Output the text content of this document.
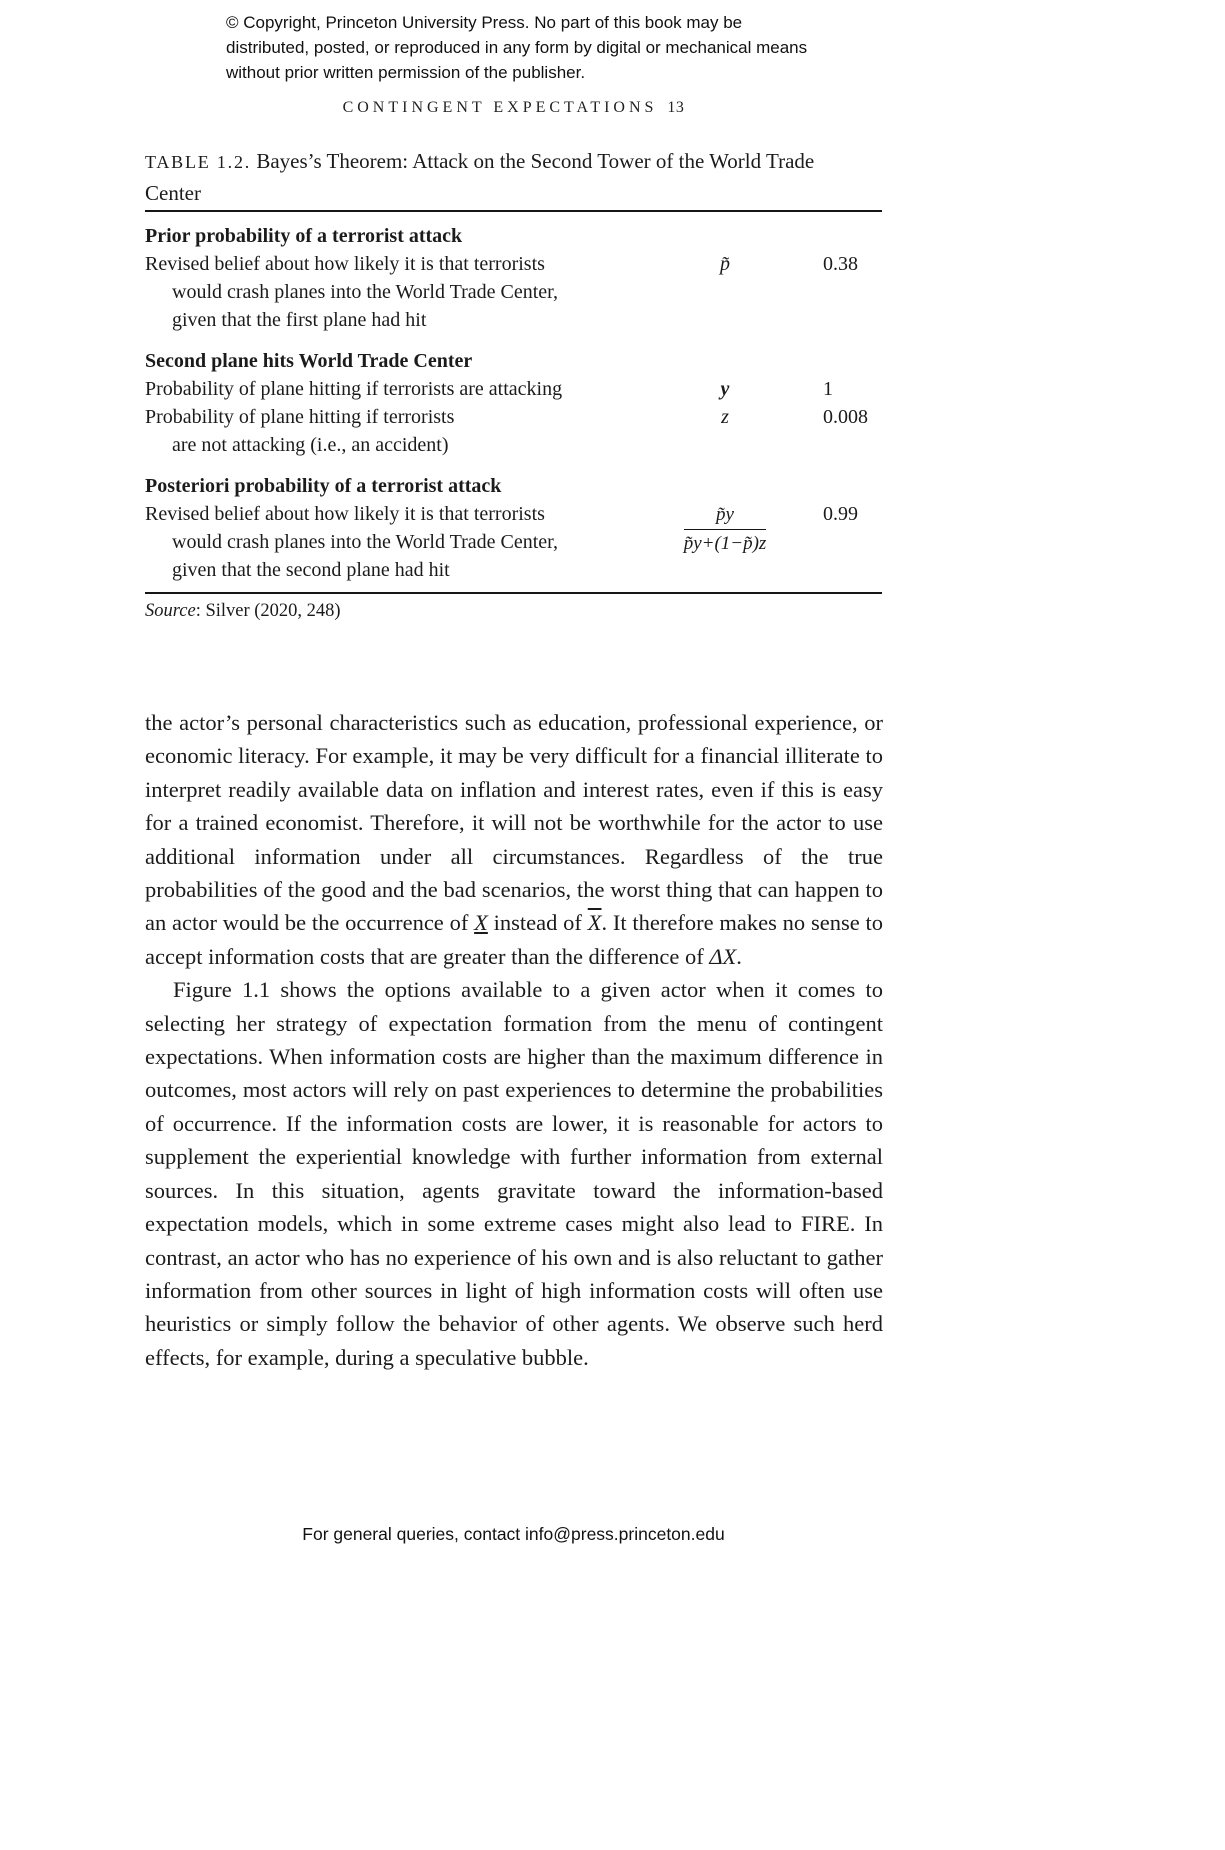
© Copyright, Princeton University Press. No part of this book may be distributed, posted, or reproduced in any form by digital or mechanical means without prior written permission of the publisher.
CONTINGENT EXPECTATIONS 13
TABLE 1.2. Bayes’s Theorem: Attack on the Second Tower of the World Trade Center
Prior probability of a terrorist attack
Revised belief about how likely it is that terrorists
would crash planes into the World Trade Center,
given that the first plane had hit
p̃	0.38
Second plane hits World Trade Center
Probability of plane hitting if terrorists are attacking	y	1
Probability of plane hitting if terrorists
are not attacking (i.e., an accident)
z	0.008
Posteriori probability of a terrorist attack
Revised belief about how likely it is that terrorists
would crash planes into the World Trade Center,
given that the second plane had hit
$\frac{p̃y}{p̃y+(1-p̃)z}$	0.99
Source: Silver (2020, 248)

the actor’s personal characteristics such as education, professional experience, or economic literacy. For example, it may be very difficult for a financial illiterate to interpret readily available data on inflation and interest rates, even if this is easy for a trained economist. Therefore, it will not be worthwhile for the actor to use additional information under all circumstances. Regardless of the true probabilities of the good and the bad scenarios, the worst thing that can happen to an actor would be the occurrence of X instead of $\overline{X}$. It therefore makes no sense to accept information costs that are greater than the difference of ΔX.

Figure 1.1 shows the options available to a given actor when it comes to selecting her strategy of expectation formation from the menu of contingent expectations. When information costs are higher than the maximum difference in outcomes, most actors will rely on past experiences to determine the probabilities of occurrence. If the information costs are lower, it is reasonable for actors to supplement the experiential knowledge with further information from external sources. In this situation, agents gravitate toward the information-based expectation models, which in some extreme cases might also lead to FIRE. In contrast, an actor who has no experience of his own and is also reluctant to gather information from other sources in light of high information costs will often use heuristics or simply follow the behavior of other agents. We observe such herd effects, for example, during a speculative bubble.

For general queries, contact info@press.princeton.edu
